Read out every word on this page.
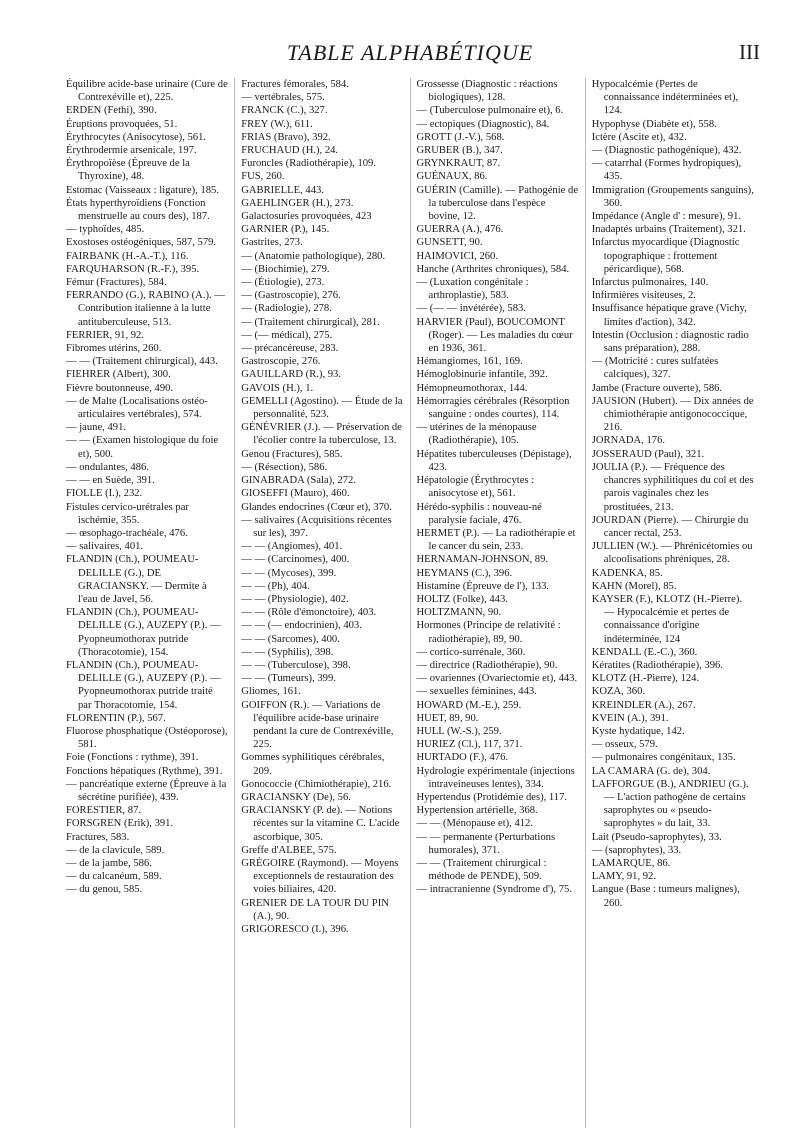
TABLE ALPHABÉTIQUE	III

Équilibre acide-base urinaire (Cure de Contrexéville et), 225.

ERDEN (Fethi), 390.

Éruptions provoquées, 51.

Érythrocytes (Anisocytose), 561.

Érythrodermie arsenicale, 197.

Érythropoïèse (Épreuve de la Thyroxine), 48.

Estomac (Vaisseaux : ligature), 185.

États hyperthyroïdiens (Fonction menstruelle au cours des), 187.

— typhoïdes, 485.

Exostoses ostéogéniques, 587, 579.

FAIRBANK (H.-A.-T.), 116.

FARQUHARSON (R.-F.), 395.

Fémur (Fractures), 584.

FERRANDO (G.), RABINO (A.). — Contribution italienne à la lutte antituberculeuse, 513.

FERRIER, 91, 92.

Fibromes utérins, 260.

— — (Traitement chirurgical), 443.

FIEHRER (Albert), 300.

Fièvre boutonneuse, 490.

— de Malte (Localisations ostéo-articulaires vertébrales), 574.

— jaune, 491.

— — (Examen histologique du foie et), 500.

— ondulantes, 486.

— — en Suède, 391.

FIOLLE (I.), 232.

Fistules cervico-urétrales par ischémie, 355.

— œsophago-trachéale, 476.

— salivaires, 401.

FLANDIN (Ch.), POUMEAU-DELILLE (G.), DE GRACIANSKY. — Dermite à l'eau de Javel, 56.

FLANDIN (Ch.), POUMEAU-DELILLE (G.), AUZEPY (P.). — Pyopneumothorax putride (Thoracotomie), 154.

FLANDIN (Ch.), POUMEAU-DELILLE (G.), AUZEPY (P.). — Pyopneumothorax putride traité par Thoracotomie, 154.

FLORENTIN (P.), 567.

Fluorose phosphatique (Ostéoporose), 581.

Foie (Fonctions : rythme), 391.

Fonctions hépatiques (Rythme), 391.

— pancréatique externe (Épreuve à la sécrétine purifiée), 439.

FORESTIER, 87.

FORSGREN (Erik), 391.

Fractures, 583.

— de la clavicule, 589.

— de la jambe, 586.

— du calcanéum, 589.

— du genou, 585.

Fractures fémorales, 584.

— vertébrales, 575.

FRANCK (C.), 327.

FREY (W.), 611.

FRIAS (Bravo), 392.

FRUCHAUD (H.), 24.

Furoncles (Radiothérapie), 109.

FUS, 260.

GABRIELLE, 443.

GAEHLINGER (H.), 273.

Galactosuries provoquées, 423

GARNIER (P.), 145.

Gastrites, 273.

— (Anatomie pathologique), 280.

— (Biochimie), 279.

— (Étiologie), 273.

— (Gastroscopie), 276.

— (Radiologie), 278.

— (Traitement chirurgical), 281.

— (— médical), 275.

— précancéreuse, 283.

Gastroscopie, 276.

GAUILLARD (R.), 93.

GAVOIS (H.), 1.

GEMELLI (Agostino). — Étude de la personnalité, 523.

GÉNÉVRIER (J.). — Préservation de l'écolier contre la tuberculose, 13.

Genou (Fractures), 585.

— (Résection), 586.

GINABRADA (Sala), 272.

GIOSEFFI (Mauro), 460.

Glandes endocrines (Cœur et), 370.

— salivaires (Acquisitions récentes sur les), 397.

— — (Angiomes), 401.

— — (Carcinomes), 400.

— — (Mycoses), 399.

— — (Ph), 404.

— — (Physiologie), 402.

— — (Rôle d'émonctoire), 403.

— — (— endocrinien), 403.

— — (Sarcomes), 400.

— — (Syphilis), 398.

— — (Tuberculose), 398.

— — (Tumeurs), 399.

Gliomes, 161.

GOIFFON (R.). — Variations de l'équilibre acide-base urinaire pendant la cure de Contrexéville, 225.

Gommes syphilitiques cérébrales, 209.

Gonococcie (Chimiothérapie), 216.

GRACIANSKY (De), 56.

GRACIANSKY (P. de). — Notions récentes sur la vitamine C. L'acide ascorbique, 305.

Greffe d'ALBEE, 575.

GRÉGOIRE (Raymond). — Moyens exceptionnels de restauration des voies biliaires, 420.

GRENIER DE LA TOUR DU PIN (A.), 90.

GRIGORESCO (I.), 396.

Grossesse (Diagnostic : réactions biologiques), 128.

— (Tuberculose pulmonaire et), 6.

— ectopiques (Diagnostic), 84.

GROTT (J.-V.), 568.

GRUBER (B.), 347.

GRYNKRAUT, 87.

GUÉNAUX, 86.

GUÉRIN (Camille). — Pathogénie de la tuberculose dans l'espèce bovine, 12.

GUERRA (A.), 476.

GUNSETT, 90.

HAIMOVICI, 260.

Hanche (Arthrites chroniques), 584.

— (Luxation congénitale : arthroplastie), 583.

— (— — invétérée), 583.

HARVIER (Paul), BOUCOMONT (Roger). — Les maladies du cœur en 1936, 361.

Hémangiomes, 161, 169.

Hémoglobinurie infantile, 392.

Hémopneumothorax, 144.

Hémorragies cérébrales (Résorption sanguine : ondes courtes), 114.

— utérines de la ménopause (Radiothérapie), 105.

Hépatites tuberculeuses (Dépistage), 423.

Hépatologie (Érythrocytes : anisocytose et), 561.

Hérédo-syphilis : nouveau-né paralysie faciale, 476.

HERMET (P.). — La radiothérapie et le cancer du sein, 233.

HERNAMAN-JOHNSON, 89.

HEYMANS (C.), 396.

Histamine (Épreuve de l'), 133.

HOLTZ (Folke), 443.

HOLTZMANN, 90.

Hormones (Principe de relativité : radiothérapie), 89, 90.

— cortico-surrénale, 360.

— directrice (Radiothérapie), 90.

— ovariennes (Ovariectomie et), 443.

— sexuelles féminines, 443.

HOWARD (M.-E.), 259.

HUET, 89, 90.

HULL (W.-S.), 259.

HURIEZ (Cl.), 117, 371.

HURTADO (F.), 476.

Hydrologie expérimentale (injections intraveineuses lentes), 334.

Hypertendus (Protidémie des), 117.

Hypertension artérielle, 368.

— — (Ménopause et), 412.

— — permanente (Perturbations humorales), 371.

— — (Traitement chirurgical : méthode de PENDE), 509.

— intracranienne (Syndrome d'), 75.

Hypocalcémie (Pertes de connaissance indéterminées et), 124.

Hypophyse (Diabète et), 558.

Ictère (Ascite et), 432.

— (Diagnostic pathogénique), 432.

— catarrhal (Formes hydropiques), 435.

Immigration (Groupements sanguins), 360.

Impédance (Angle d' : mesure), 91.

Inadaptés urbains (Traitement), 321.

Infarctus myocardique (Diagnostic topographique : frottement péricardique), 568.

Infarctus pulmonaires, 140.

Infirmières visiteuses, 2.

Insuffisance hépatique grave (Vichy, limites d'action), 342.

Intestin (Occlusion : diagnostic radio sans préparation), 288.

— (Motricité : cures sulfatées calciques), 327.

Jambe (Fracture ouverte), 586.

JAUSION (Hubert). — Dix années de chimiothérapie antigonococcique, 216.

JORNADA, 176.

JOSSERAUD (Paul), 321.

JOULIA (P.). — Fréquence des chancres syphilitiques du col et des parois vaginales chez les prostituées, 213.

JOURDAN (Pierre). — Chirurgie du cancer rectal, 253.

JULLIEN (W.). — Phrénicétomies ou alcoolisations phréniques, 28.

KADENKA, 85.

KAHN (Morel), 85.

KAYSER (F.), KLOTZ (H.-Pierre). — Hypocalcémie et pertes de connaissance d'origine indéterminée, 124

KENDALL (E.-C.), 360.

Kératites (Radiothérapie), 396.

KLOTZ (H.-Pierre), 124.

KOZA, 360.

KREINDLER (A.), 267.

KVEIN (A.), 391.

Kyste hydatique, 142.

— osseux, 579.

— pulmonaires congénitaux, 135.

LA CAMARA (G. de), 304.

LAFFORGUE (B.), ANDRIEU (G.). — L'action pathogène de certains saprophytes ou « pseudo-saprophytes » du lait, 33.

Lait (Pseudo-saprophytes), 33.

— (saprophytes), 33.

LAMARQUE, 86.

LAMY, 91, 92.

Langue (Base : tumeurs malignes), 260.
